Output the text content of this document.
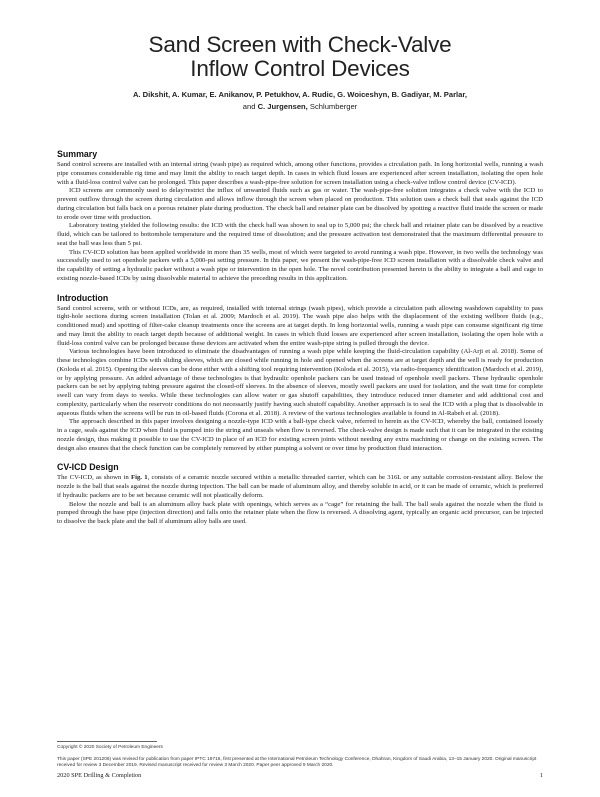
Sand Screen with Check-Valve
Inflow Control Devices
A. Dikshit, A. Kumar, E. Anikanov, P. Petukhov, A. Rudic, G. Woiceshyn, B. Gadiyar, M. Parlar,
and C. Jurgensen, Schlumberger
Summary

Sand control screens are installed with an internal string (wash pipe) as required which, among other functions, provides a circulation path. In long horizontal wells, running a wash pipe consumes considerable rig time and may limit the ability to reach target depth. In cases in which fluid losses are experienced after screen installation, isolating the open hole with a fluid-loss control valve can be prolonged. This paper describes a wash-pipe-free solution for screen installation using a check-valve inflow control device (CV-ICD).

ICD screens are commonly used to delay/restrict the influx of unwanted fluids such as gas or water. The wash-pipe-free solution integrates a check valve with the ICD to prevent outflow through the screen during circulation and allows inflow through the screen when placed on production. This solution uses a check ball that seals against the ICD during circulation but falls back on a porous retainer plate during production. The check ball and retainer plate can be dissolved by spotting a reactive fluid inside the screen or made to erode over time with production.

Laboratory testing yielded the following results: the ICD with the check ball was shown to seal up to 5,000 psi; the check ball and retainer plate can be dissolved by a reactive fluid, which can be tailored to bottomhole temperature and the required time of dissolution; and the pressure activation test demonstrated that the maximum differential pressure to seat the ball was less than 5 psi.

This CV-ICD solution has been applied worldwide in more than 35 wells, most of which were targeted to avoid running a wash pipe. However, in two wells the technology was successfully used to set openhole packers with a 5,000-psi setting pressure. In this paper, we present the wash-pipe-free ICD screen installation with a dissolvable check valve and the capability of setting a hydraulic packer without a wash pipe or intervention in the open hole. The novel contribution presented herein is the ability to integrate a ball and cage to existing nozzle-based ICDs by using dissolvable material to achieve the preceding results in this application.

Introduction

Sand control screens, with or without ICDs, are, as required, installed with internal strings (wash pipes), which provide a circulation path allowing washdown capability to pass tight-hole sections during screen installation (Tolan et al. 2009; Mardoch et al. 2019). The wash pipe also helps with the displacement of the existing wellbore fluids (e.g., conditioned mud) and spotting of filter-cake cleanup treatments once the screens are at target depth. In long horizontal wells, running a wash pipe can consume significant rig time and may limit the ability to reach target depth because of additional weight. In cases in which fluid losses are experienced after screen installation, isolating the open hole with a fluid-loss control valve can be prolonged because these devices are activated when the entire wash-pipe string is pulled through the device.

Various technologies have been introduced to eliminate the disadvantages of running a wash pipe while keeping the fluid-circulation capability (Al-Arji et al. 2018). Some of these technologies combine ICDs with sliding sleeves, which are closed while running in hole and opened when the screens are at target depth and the well is ready for production (Koloda et al. 2015). Opening the sleeves can be done either with a shifting tool requiring intervention (Koloda et al. 2015), via radio-frequency identification (Mardoch et al. 2019), or by applying pressure. An added advantage of these technologies is that hydraulic openhole packers can be used instead of openhole swell packers. These hydraulic openhole packers can be set by applying tubing pressure against the closed-off sleeves. In the absence of sleeves, mostly swell packers are used for isolation, and the wait time for complete swell can vary from days to weeks. While these technologies can allow water or gas shutoff capabilities, they introduce reduced inner diameter and add additional cost and complexity, particularly when the reservoir conditions do not necessarily justify having such shutoff capability. Another approach is to seal the ICD with a plug that is dissolvable in aqueous fluids when the screens will be run in oil-based fluids (Corona et al. 2018). A review of the various technologies available is found in Al-Rabeh et al. (2018).

The approach described in this paper involves designing a nozzle-type ICD with a ball-type check valve, referred to herein as the CV-ICD, whereby the ball, contained loosely in a cage, seals against the ICD when fluid is pumped into the string and unseals when flow is reversed. The check-valve design is made such that it can be integrated in the existing nozzle design, thus making it possible to use the CV-ICD in place of an ICD for existing screen joints without needing any extra machining or change on the existing screen. The design also ensures that the check function can be completely removed by either pumping a solvent or over time by production fluid interaction.

CV-ICD Design

The CV-ICD, as shown in Fig. 1, consists of a ceramic nozzle secured within a metallic threaded carrier, which can be 316L or any suitable corrosion-resistant alloy. Below the nozzle is the ball that seals against the nozzle during injection. The ball can be made of aluminum alloy, and thereby soluble in acid, or it can be made of ceramic, which is preferred if hydraulic packers are to be set because ceramic will not plastically deform.

Below the nozzle and ball is an aluminum alloy back plate with openings, which serves as a “cage” for retaining the ball. The ball seals against the nozzle when the fluid is pumped through the base pipe (injection direction) and falls onto the retainer plate when the flow is reversed. A dissolving agent, typically an organic acid precursor, can be injected to dissolve the back plate and the ball if aluminum alloy balls are used.

Copyright © 2020 Society of Petroleum Engineers
This paper (SPE 201206) was revised for publication from paper IPTC 19716, first presented at the International Petroleum Technology Conference, Dhahran, Kingdom of Saudi Arabia, 13–15 January 2020. Original manuscript received for review 3 December 2019. Revised manuscript received for review 3 March 2020. Paper peer approved 9 March 2020.
2020 SPE Drilling & Completion	1
